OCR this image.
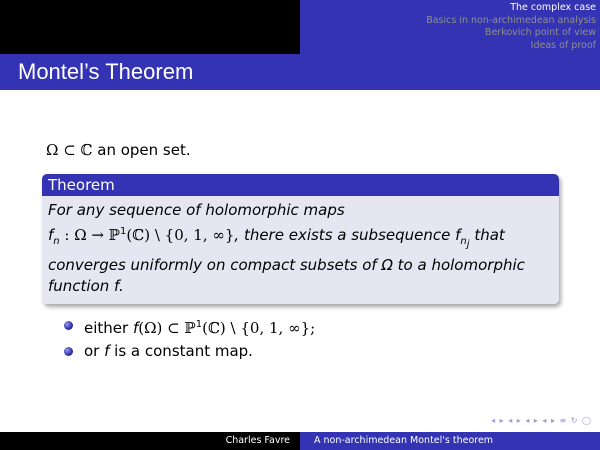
The complex case
Basics in non-archimedean analysis
Berkovich point of view
Ideas of proof
Montel’s Theorem
Ω ⊂ ℂ an open set.
Theorem
For any sequence of holomorphic maps
$f_n$ : Ω → ℙ$^1$(ℂ) \ {0, 1, ∞}, there exists a subsequence $f_{n_j}$ that
converges uniformly on compact subsets of Ω to a holomorphic
function f.
either f(Ω) ⊂ ℙ$^1$(ℂ) \ {0, 1, ∞};
or f is a constant map.
◂ ▸ ◂ ▸ ◂ ▸ ◂ ▸ ≡ ↻ ◯
Charles Favre	A non-archimedean Montel's theorem
